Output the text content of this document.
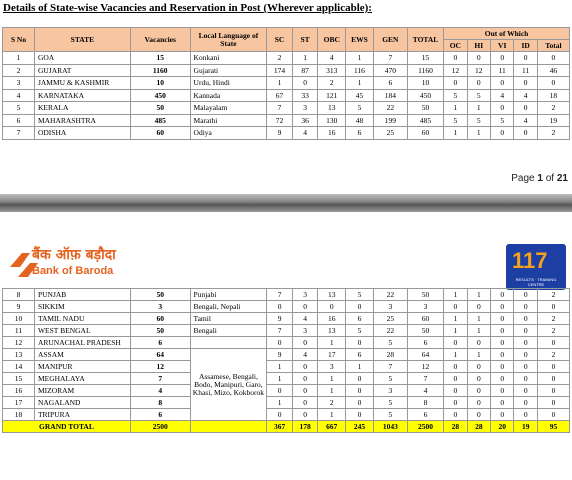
Details of State-wise Vacancies and Reservation in Post (Wherever applicable):
S No	STATE	Vacancies	Local Language of State	SC	ST	OBC	EWS	GEN	TOTAL	Out of Which				
										OC	HI	VI	ID	Total
1	GOA	15	Konkani	2	1	4	1	7	15	0	0	0	0	0
2	GUJARAT	1160	Gujarati	174	87	313	116	470	1160	12	12	11	11	46
3	JAMMU & KASHMIR	10	Urdu, Hindi	1	0	2	1	6	10	0	0	0	0	0
4	KARNATAKA	450	Kannada	67	33	121	45	184	450	5	5	4	4	18
5	KERALA	50	Malayalam	7	3	13	5	22	50	1	1	0	0	2
6	MAHARASHTRA	485	Marathi	72	36	130	48	199	485	5	5	5	4	19
7	ODISHA	60	Odiya	9	4	16	6	25	60	1	1	0	0	2
Page 1 of 21
बैंक ऑफ़ बड़ौदा
Bank of Baroda	117
RESULTS · TRAINING CENTRE
8	PUNJAB	50	Punjabi	7	3	13	5	22	50	1	1	0	0	2
9	SIKKIM	3	Bengali, Nepali	0	0	0	0	3	3	0	0	0	0	0
10	TAMIL NADU	60	Tamil	9	4	16	6	25	60	1	1	0	0	2
11	WEST BENGAL	50	Bengali	7	3	13	5	22	50	1	1	0	0	2
12	ARUNACHAL PRADESH	6		0	0	1	0	5	6	0	0	0	0	0
13	ASSAM	64	Assamese, Bengali, Bodo, Manipuri, Garo, Khasi, Mizo, Kokborok	9	4	17	6	28	64	1	1	0	0	2
14	MANIPUR	12		1	0	3	1	7	12	0	0	0	0	0
15	MEGHALAYA	7		1	0	1	0	5	7	0	0	0	0	0
16	MIZORAM	4		0	0	1	0	3	4	0	0	0	0	0
17	NAGALAND	8		1	0	2	0	5	8	0	0	0	0	0
18	TRIPURA	6		0	0	1	0	5	6	0	0	0	0	0
GRAND TOTAL		2500		367	178	667	245	1043	2500	28	28	20	19	95
